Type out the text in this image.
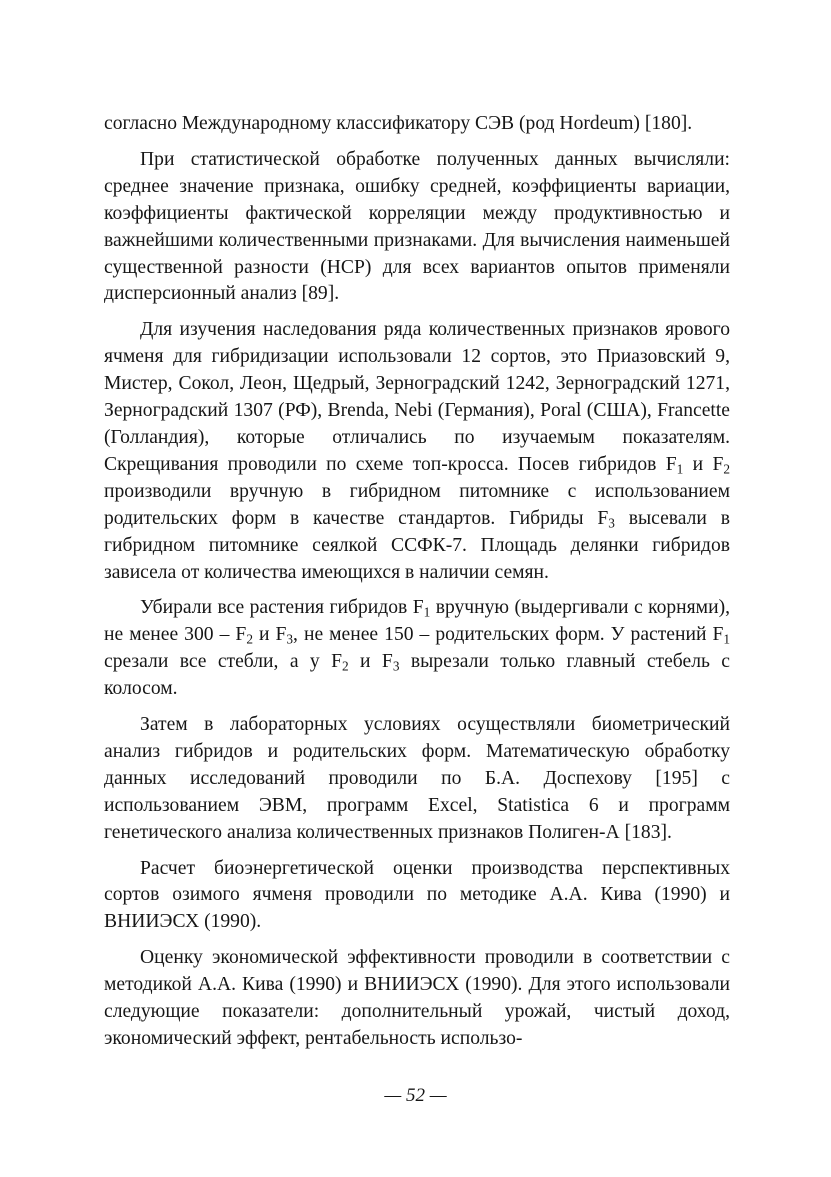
согласно Международному классификатору СЭВ (род Hordeum) [180].

При статистической обработке полученных данных вычисляли: среднее значение признака, ошибку средней, коэффициенты вариации, коэффициенты фактической корреляции между продуктивностью и важнейшими количественными признаками. Для вычисления наименьшей существенной разности (НСР) для всех вариантов опытов применяли дисперсионный анализ [89].

Для изучения наследования ряда количественных признаков ярового ячменя для гибридизации использовали 12 сортов, это Приазовский 9, Мистер, Сокол, Леон, Щедрый, Зерноградский 1242, Зерноградский 1271, Зерноградский 1307 (РФ), Brenda, Nebi (Германия), Poral (США), Francette (Голландия), которые отличались по изучаемым показателям. Скрещивания проводили по схеме топ-кросса. Посев гибридов $F_1$ и $F_2$ производили вручную в гибридном питомнике с использованием родительских форм в качестве стандартов. Гибриды $F_3$ высевали в гибридном питомнике сеялкой ССФК-7. Площадь делянки гибридов зависела от количества имеющихся в наличии семян.

Убирали все растения гибридов $F_1$ вручную (выдергивали с корнями), не менее $300 - F_2$ и $F_3$, не менее 150 – родительских форм. У растений $F_1$ срезали все стебли, а у $F_2$ и $F_3$ вырезали только главный стебель с колосом.

Затем в лабораторных условиях осуществляли биометрический анализ гибридов и родительских форм. Математическую обработку данных исследований проводили по Б.А. Доспехову [195] с использованием ЭВМ, программ Excel, Statistica 6 и программ генетического анализа количественных признаков Полиген-А [183].

Расчет биоэнергетической оценки производства перспективных сортов озимого ячменя проводили по методике А.А. Кива (1990) и ВНИИЭСХ (1990).

Оценку экономической эффективности проводили в соответствии с методикой А.А. Кива (1990) и ВНИИЭСХ (1990). Для этого использовали следующие показатели: дополнительный урожай, чистый доход, экономический эффект, рентабельность использо-

— 52 —
